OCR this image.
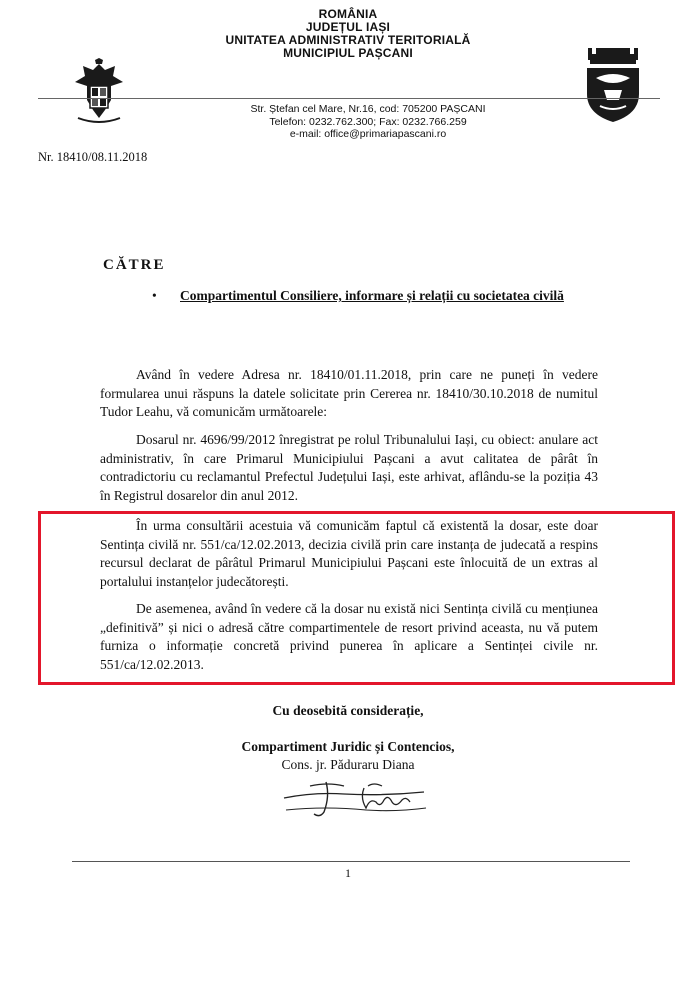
ROMÂNIA
JUDEȚUL IAȘI
UNITATEA ADMINISTRATIV TERITORIALĂ
MUNICIPIUL PAȘCANI
Str. Ștefan cel Mare, Nr.16, cod: 705200 PAȘCANI
Telefon: 0232.762.300; Fax: 0232.766.259
e-mail: office@primariapascani.ro
Nr. 18410/08.11.2018
CĂTRE
• Compartimentul Consiliere, informare și relații cu societatea civilă
Având în vedere Adresa nr. 18410/01.11.2018, prin care ne puneți în vedere formularea unui răspuns la datele solicitate prin Cererea nr. 18410/30.10.2018 de numitul Tudor Leahu, vă comunicăm următoarele:
Dosarul nr. 4696/99/2012 înregistrat pe rolul Tribunalului Iași, cu obiect: anulare act administrativ, în care Primarul Municipiului Pașcani a avut calitatea de pârât în contradictoriu cu reclamantul Prefectul Județului Iași, este arhivat, aflându-se la poziția 43 în Registrul dosarelor din anul 2012.
În urma consultării acestuia vă comunicăm faptul că existentă la dosar, este doar Sentința civilă nr. 551/ca/12.02.2013, decizia civilă prin care instanța de judecată a respins recursul declarat de pârâtul Primarul Municipiului Pașcani este înlocuită de un extras al portalului instanțelor judecătorești.
De asemenea, având în vedere că la dosar nu există nici Sentința civilă cu mențiunea „definitivă” și nici o adresă către compartimentele de resort privind aceasta, nu vă putem furniza o informație concretă privind punerea în aplicare a Sentinței civile nr. 551/ca/12.02.2013.
Cu deosebită considerație,
Compartiment Juridic și Contencios,
Cons. jr. Păduraru Diana
1
